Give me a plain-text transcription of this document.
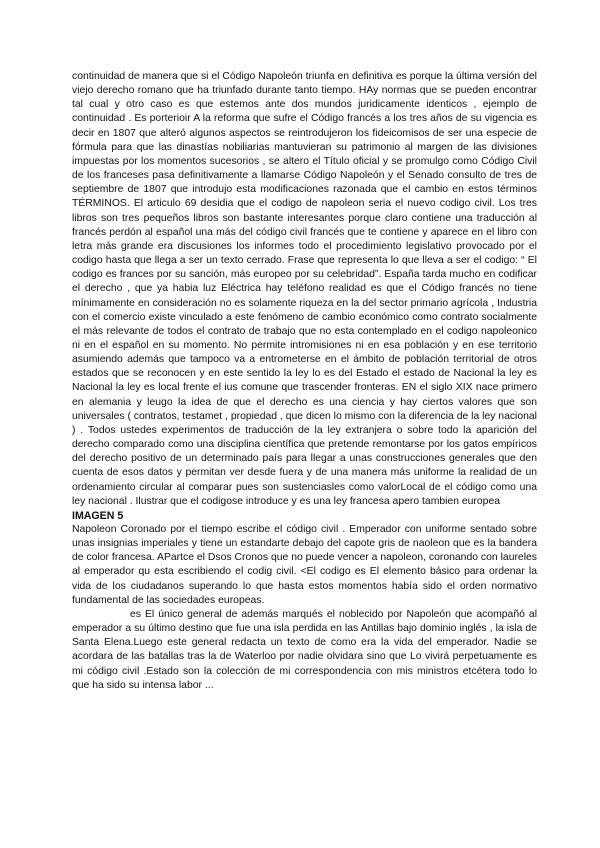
continuidad de manera que si el Código Napoleón triunfa en definitiva es porque la última versión del viejo derecho romano que ha triunfado durante tanto tiempo. HAy normas que se pueden encontrar tal cual y otro caso es que estemos ante dos mundos juridicamente identicos , ejemplo de continuidad . Es porterioir A la reforma que sufre el Código francés a los tres años de su vigencia es decir en 1807 que alteró algunos aspectos se reintrodujeron los fideicomisos de ser una especie de fórmula para que las dinastías nobiliarias mantuvieran su patrimonio al margen de las divisiones impuestas por los momentos sucesorios , se altero el Título oficial y se promulgo como Código Civil de los franceses pasa definitivamente a llamarse Código Napoleón y el Senado consulto de tres de septiembre de 1807 que introdujo esta modificaciones razonada que el cambio en estos términos TÉRMINOS. El articulo 69 desidia que el codigo de napoleon seria el nuevo codigo civil. Los tres libros son tres pequeños libros son bastante interesantes porque claro contiene una traducción al francés perdón al español una más del código civil francés que te contiene y aparece en el libro con letra más grande era discusiones los informes todo el procedimiento legislativo provocado por el codigo hasta que llega a ser un texto cerrado. Frase que representa lo que lleva a ser el codigo: “ El codigo es frances por su sanción, más europeo por su celebridad”. España tarda mucho en codificar el derecho , que ya habia luz Eléctrica hay teléfono realidad es que el Código francés no tiene mínimamente en consideración no es solamente riqueza en la del sector primario agrícola , Industria con el comercio existe vinculado a este fenómeno de cambio económico como contrato socialmente el más relevante de todos el contrato de trabajo que no esta contemplado en el codigo napoleonico ni en el español en su momento. No permite intromisiones ni en esa población y en ese territorio asumiendo además que tampoco va a entrometerse en el ámbito de población territorial de otros estados que se reconocen y en este sentido la ley lo es del Estado el estado de Nacional la ley es Nacional la ley es local frente el ius comune que trascender fronteras. EN el siglo XIX nace primero en alemania y leugo la idea de que el derecho es una ciencia y hay ciertos valores que son universales ( contratos, testamet , propiedad , que dicen lo mismo con la diferencia de la ley nacional ) . Todos ustedes experimentos de traducción de la ley extranjera o sobre todo la aparición del derecho comparado como una disciplina científica que pretende remontarse por los gatos empíricos del derecho positivo de un determinado país para llegar a unas construcciones generales que den cuenta de esos datos y permitan ver desde fuera y de una manera más uniforme la realidad de un ordenamiento circular al comparar pues son sustenciasles como valorLocal de el código como una ley nacional . Ilustrar que el codigose introduce y es una ley francesa apero tambien europea

IMAGEN 5

Napoleon Coronado por el tiempo escribe el código civil . Emperador con uniforme sentado sobre unas insignias imperiales y tiene un estandarte debajo del capote gris de naoleon que es la bandera de color francesa. APartce el Dsos Cronos que no puede vencer a napoleon, coronando con laureles al emperador qu esta escribiendo el codig civil. <El codigo es El elemento básico para ordenar la vida de los ciudadanos superando lo que hasta estos momentos había sido el orden normativo fundamental de las sociedades europeas.

es El único general de además marqués el noblecido por Napoleón que acompañó al emperador a su último destino que fue una isla perdida en las Antillas bajo dominio inglés , la isla de Santa Elena.Luego este general redacta un texto de como era la vida del emperador. Nadie se acordara de las batallas tras la de Waterloo por nadie olvidara sino que Lo vivirá perpetuamente es mi código civil .Estado son la colección de mi correspondencia con mis ministros etcétera todo lo que ha sido su intensa labor ...
